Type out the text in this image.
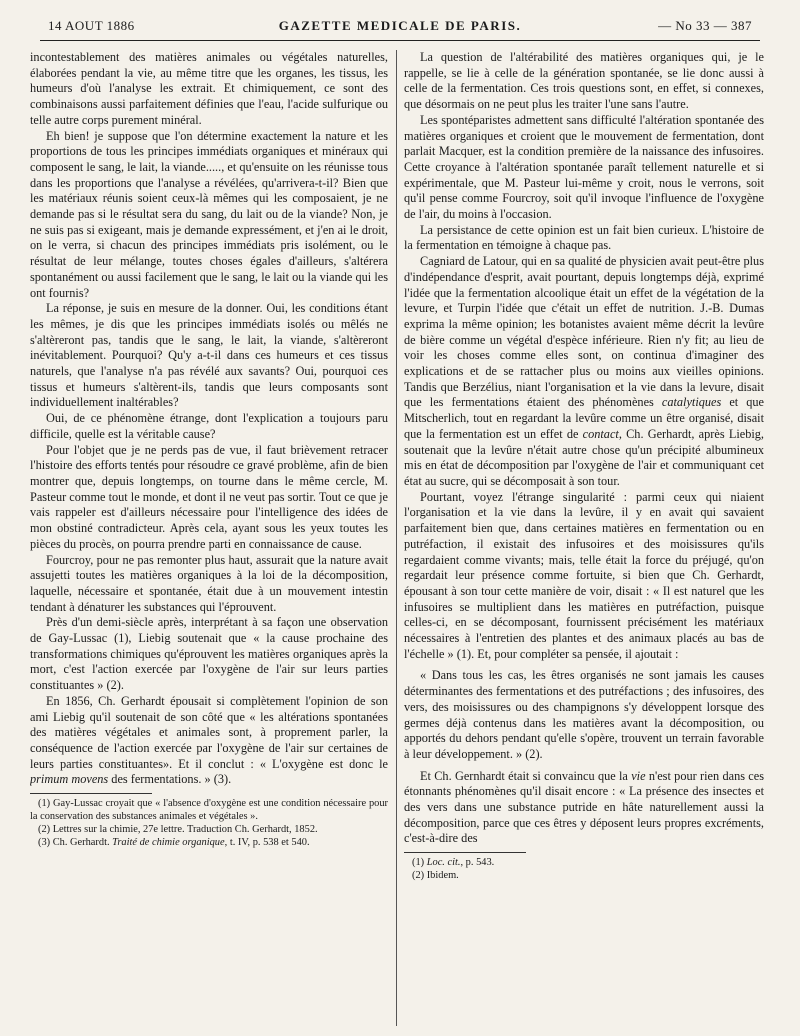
14 AOUT 1886	GAZETTE MEDICALE DE PARIS.	— No 33 — 387

incontestablement des matières animales ou végétales naturelles, élaborées pendant la vie, au même titre que les organes, les tissus, les humeurs d'où l'analyse les extrait. Et chimiquement, ce sont des combinaisons aussi parfaitement définies que l'eau, l'acide sulfurique ou telle autre corps purement minéral.

Eh bien! je suppose que l'on détermine exactement la nature et les proportions de tous les principes immédiats organiques et minéraux qui composent le sang, le lait, la viande....., et qu'ensuite on les réunisse tous dans les proportions que l'analyse a révélées, qu'arrivera-t-il? Bien que les matériaux réunis soient ceux-là mêmes qui les composaient, je ne demande pas si le résultat sera du sang, du lait ou de la viande? Non, je ne suis pas si exigeant, mais je demande expressément, et j'en ai le droit, on le verra, si chacun des principes immédiats pris isolément, ou le résultat de leur mélange, toutes choses égales d'ailleurs, s'altérera spontanément ou aussi facilement que le sang, le lait ou la viande qui les ont fournis?

La réponse, je suis en mesure de la donner. Oui, les conditions étant les mêmes, je dis que les principes immédiats isolés ou mêlés ne s'altèreront pas, tandis que le sang, le lait, la viande, s'altèreront inévitablement. Pourquoi? Qu'y a-t-il dans ces humeurs et ces tissus naturels, que l'analyse n'a pas révélé aux savants? Oui, pourquoi ces tissus et humeurs s'altèrent-ils, tandis que leurs composants sont individuellement inaltérables?

Oui, de ce phénomène étrange, dont l'explication a toujours paru difficile, quelle est la véritable cause?

Pour l'objet que je ne perds pas de vue, il faut brièvement retracer l'histoire des efforts tentés pour résoudre ce gravé problème, afin de bien montrer que, depuis longtemps, on tourne dans le même cercle, M. Pasteur comme tout le monde, et dont il ne veut pas sortir. Tout ce que je vais rappeler est d'ailleurs nécessaire pour l'intelligence des idées de mon obstiné contradicteur. Après cela, ayant sous les yeux toutes les pièces du procès, on pourra prendre parti en connaissance de cause.

Fourcroy, pour ne pas remonter plus haut, assurait que la nature avait assujetti toutes les matières organiques à la loi de la décomposition, laquelle, nécessaire et spontanée, était due à un mouvement intestin tendant à dénaturer les substances qui l'éprouvent.

Près d'un demi-siècle après, interprétant à sa façon une observation de Gay-Lussac (1), Liebig soutenait que « la cause prochaine des transformations chimiques qu'éprouvent les matières organiques après la mort, c'est l'action exercée par l'oxygène de l'air sur leurs parties constituantes » (2).

En 1856, Ch. Gerhardt épousait si complètement l'opinion de son ami Liebig qu'il soutenait de son côté que « les altérations spontanées des matières végétales et animales sont, à proprement parler, la conséquence de l'action exercée par l'oxygène de l'air sur certaines de leurs parties constituantes». Et il conclut : « L'oxygène est donc le primum movens des fermentations. » (3).

(1) Gay-Lussac croyait que « l'absence d'oxygène est une condition nécessaire pour la conservation des substances animales et végétales ».

(2) Lettres sur la chimie, 27e lettre. Traduction Ch. Gerhardt, 1852.

(3) Ch. Gerhardt. Traité de chimie organique, t. IV, p. 538 et 540.

La question de l'altérabilité des matières organiques qui, je le rappelle, se lie à celle de la génération spontanée, se lie donc aussi à celle de la fermentation. Ces trois questions sont, en effet, si connexes, que désormais on ne peut plus les traiter l'une sans l'autre.

Les spontéparistes admettent sans difficulté l'altération spontanée des matières organiques et croient que le mouvement de fermentation, dont parlait Macquer, est la condition première de la naissance des infusoires. Cette croyance à l'altération spontanée paraît tellement naturelle et si expérimentale, que M. Pasteur lui-même y croit, nous le verrons, soit qu'il pense comme Fourcroy, soit qu'il invoque l'influence de l'oxygène de l'air, du moins à l'occasion.

La persistance de cette opinion est un fait bien curieux. L'histoire de la fermentation en témoigne à chaque pas.

Cagniard de Latour, qui en sa qualité de physicien avait peut-être plus d'indépendance d'esprit, avait pourtant, depuis longtemps déjà, exprimé l'idée que la fermentation alcoolique était un effet de la végétation de la levure, et Turpin l'idée que c'était un effet de nutrition. J.-B. Dumas exprima la même opinion; les botanistes avaient même décrit la levûre de bière comme un végétal d'espèce inférieure. Rien n'y fit; au lieu de voir les choses comme elles sont, on continua d'imaginer des explications et de se rattacher plus ou moins aux vieilles opinions. Tandis que Berzélius, niant l'organisation et la vie dans la levure, disait que les fermentations étaient des phénomènes catalytiques et que Mitscherlich, tout en regardant la levûre comme un être organisé, disait que la fermentation est un effet de contact, Ch. Gerhardt, après Liebig, soutenait que la levûre n'était autre chose qu'un précipité albumineux mis en état de décomposition par l'oxygène de l'air et communiquant cet état au sucre, qui se décomposait à son tour.

Pourtant, voyez l'étrange singularité : parmi ceux qui niaient l'organisation et la vie dans la levûre, il y en avait qui savaient parfaitement bien que, dans certaines matières en fermentation ou en putréfaction, il existait des infusoires et des moisissures qu'ils regardaient comme vivants; mais, telle était la force du préjugé, qu'on regardait leur présence comme fortuite, si bien que Ch. Gerhardt, épousant à son tour cette manière de voir, disait : « Il est naturel que les infusoires se multiplient dans les matières en putréfaction, puisque celles-ci, en se décomposant, fournissent précisément les matériaux nécessaires à l'entretien des plantes et des animaux placés au bas de l'échelle » (1). Et, pour compléter sa pensée, il ajoutait :

« Dans tous les cas, les êtres organisés ne sont jamais les causes déterminantes des fermentations et des putréfactions ; des infusoires, des vers, des moisissures ou des champignons s'y développent lorsque des germes déjà contenus dans les matières avant la décomposition, ou apportés du dehors pendant qu'elle s'opère, trouvent un terrain favorable à leur développement. » (2).

Et Ch. Gernhardt était si convaincu que la vie n'est pour rien dans ces étonnants phénomènes qu'il disait encore : « La présence des insectes et des vers dans une substance putride en hâte naturellement aussi la décomposition, parce que ces êtres y déposent leurs propres excréments, c'est-à-dire des

(1) Loc. cit., p. 543.

(2) Ibidem.
